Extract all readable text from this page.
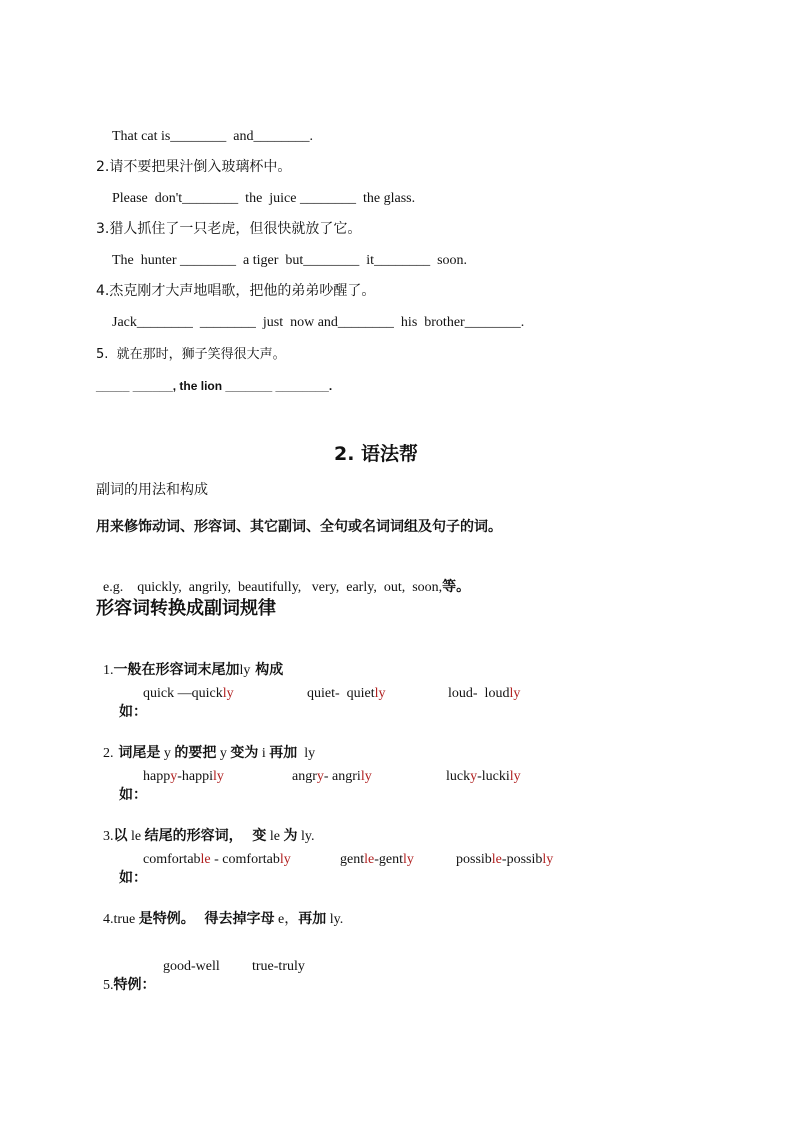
That cat is________  and________.
2.请不要把果汁倒入玻璃杯中。
Please  don't________  the  juice ________  the glass.
3.猎人抓住了一只老虎，但很快就放了它。
The  hunter ________  a tiger  but________  it________  soon.
4.杰克刚才大声地唱歌，把他的弟弟吵醒了。
Jack________  ________  just  now and________  his  brother________.
5.  就在那时，狮子笑得很大声。
_____ ______, the lion _______ ________.
2. 语法帮
副词的用法和构成
用来修饰动词、形容词、其它副词、全句或名词词组及句子的词。

e.g. quickly,  angrily,  beautifully,   very,  early,  out,  soon,等。

形容词转换成副词规律

1.一般在形容词末尾加ly 构成

如：

quick —quickly	quiet-  quietly	loud-  loudly

2. 词尾是 y 的要把 y 变为 i 再加  ly

如：

happy-happily	angry- angrily	lucky-luckily

3.以 le 结尾的形容词，  变 le 为 ly.

如：

comfortable - comfortably	gentle-gently	possible-possibly

4.true 是特例。  得去掉字母 e，再加 ly.

5.特例：

good-well true-truly
